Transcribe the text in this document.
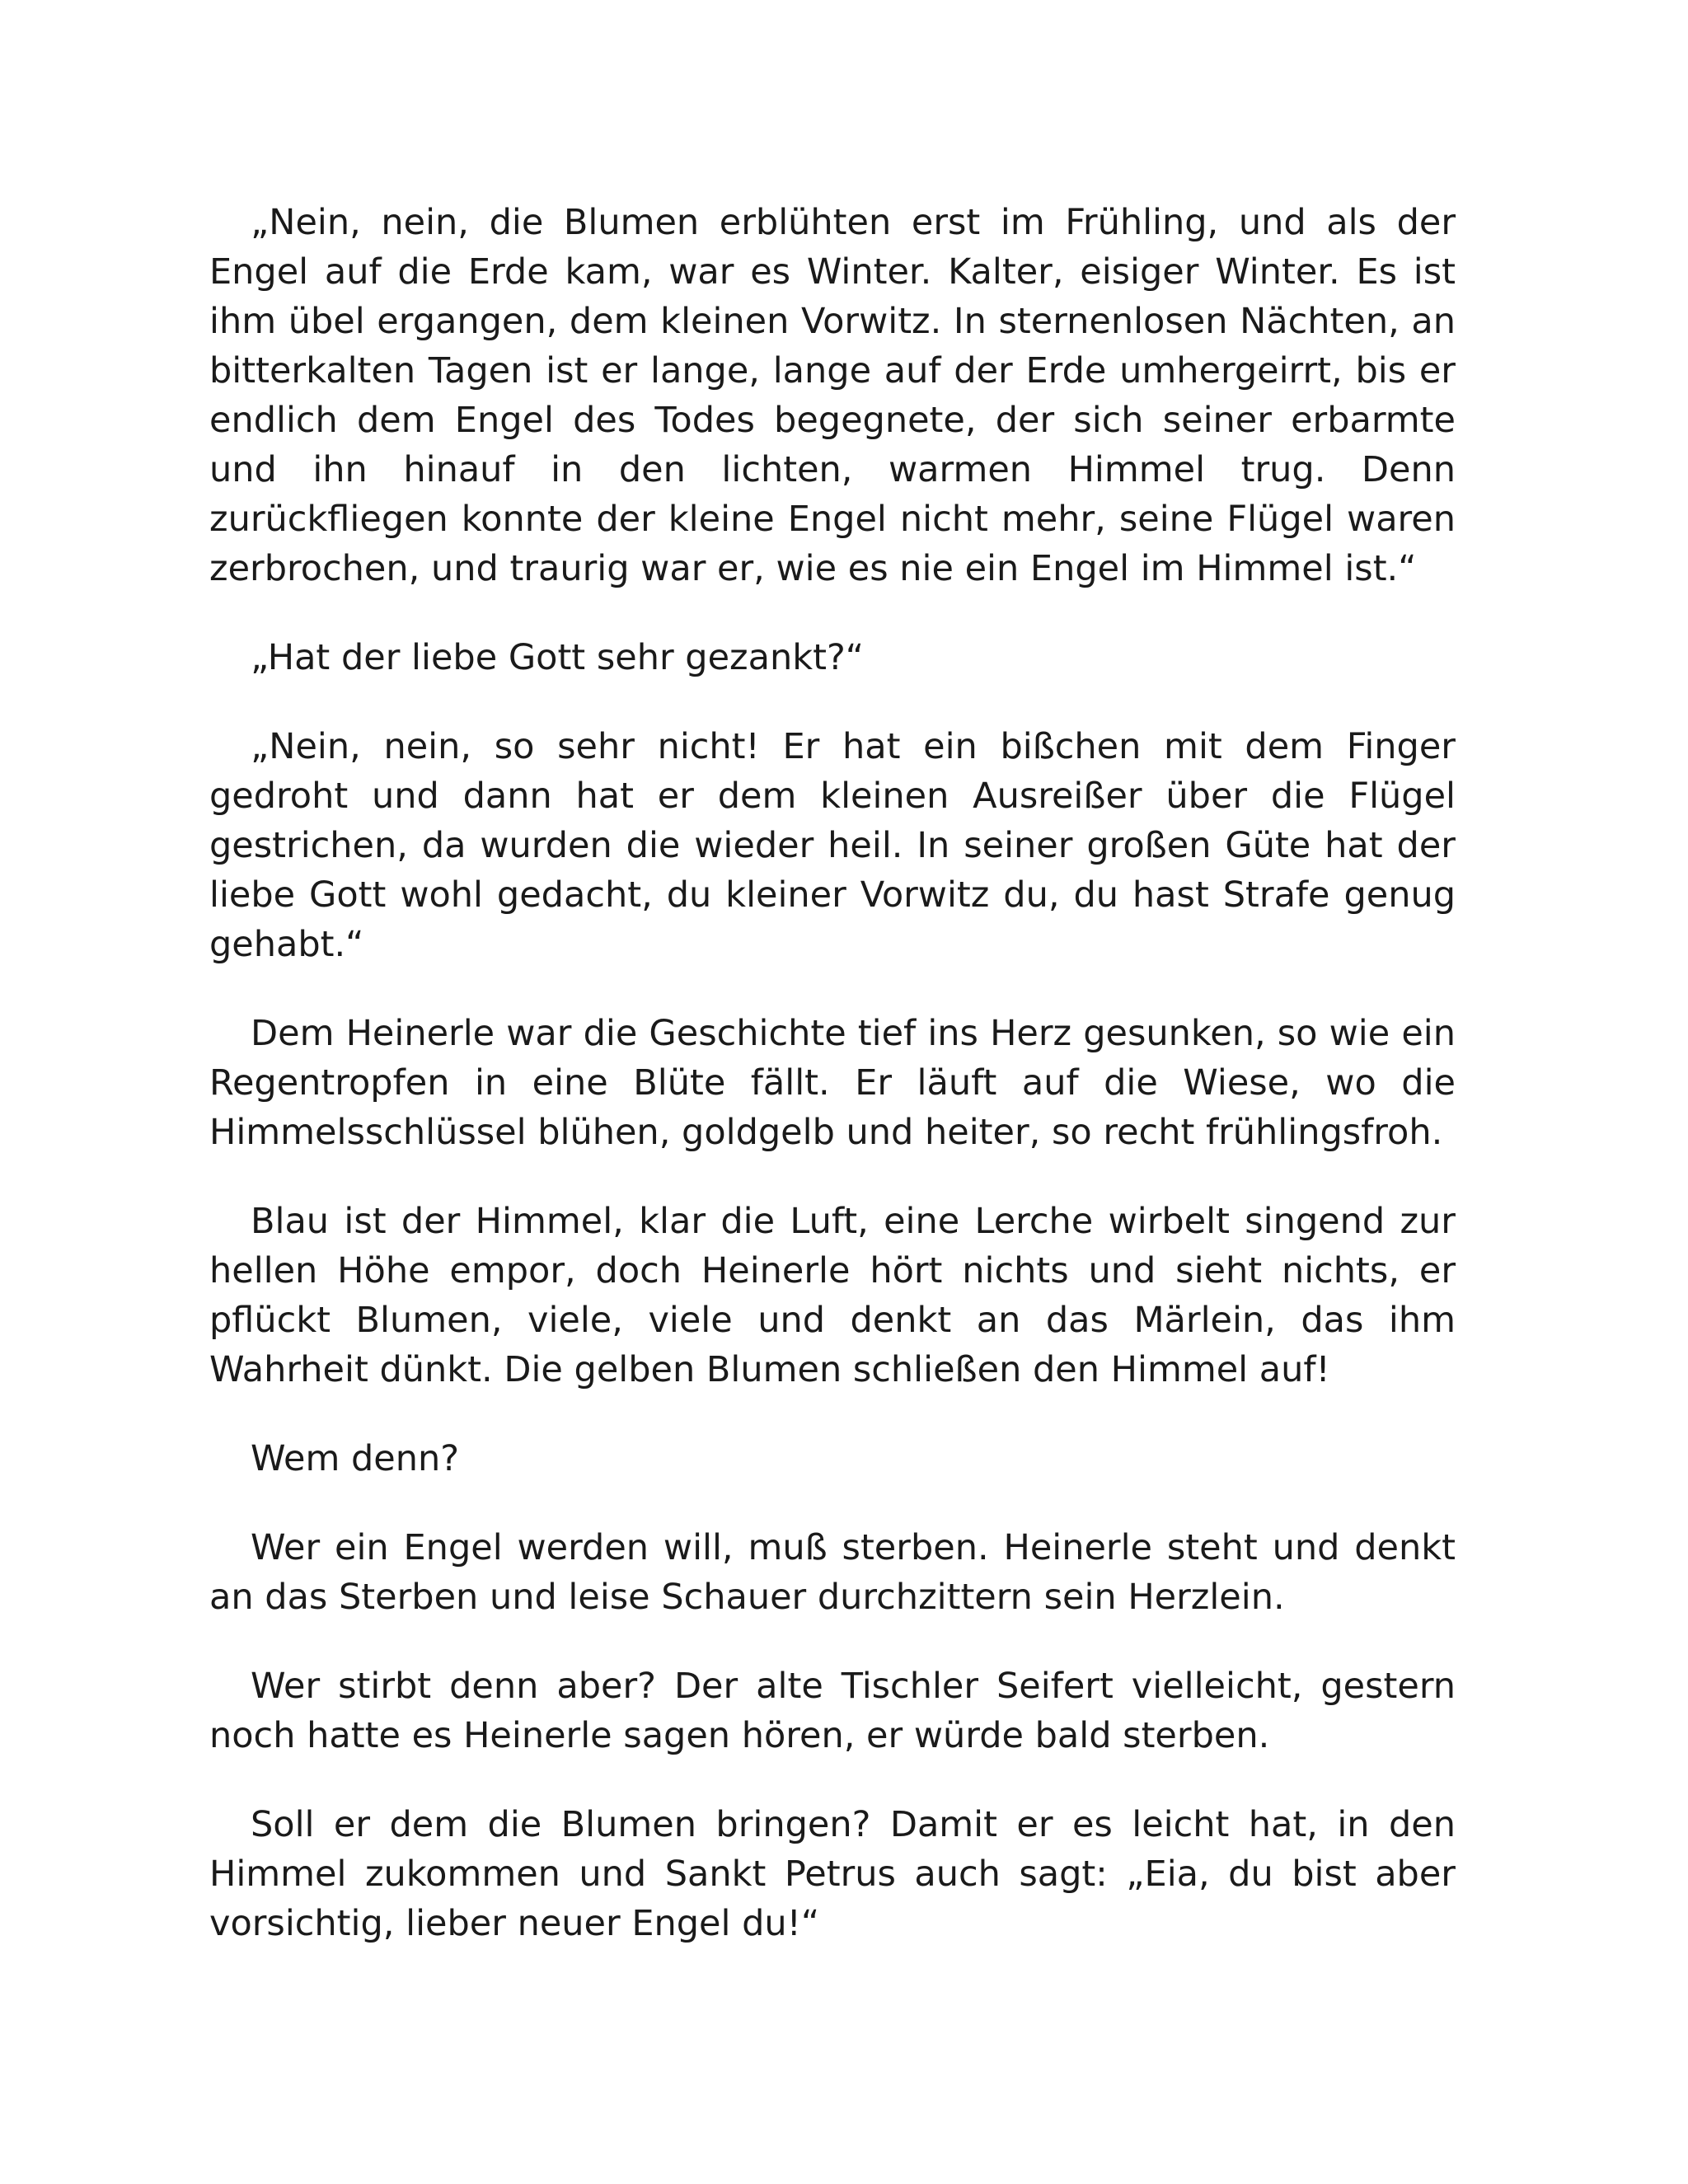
„Nein, nein, die Blumen erblühten erst im Frühling, und als der Engel auf die Erde kam, war es Winter. Kalter, eisiger Winter. Es ist ihm übel ergangen, dem kleinen Vorwitz. In sternenlosen Nächten, an bitterkalten Tagen ist er lange, lange auf der Erde umhergeirrt, bis er endlich dem Engel des Todes begegnete, der sich seiner erbarmte und ihn hinauf in den lichten, warmen Himmel trug. Denn zurückfliegen konnte der kleine Engel nicht mehr, seine Flügel waren zerbrochen, und traurig war er, wie es nie ein Engel im Himmel ist.“

„Hat der liebe Gott sehr gezankt?“

„Nein, nein, so sehr nicht! Er hat ein bißchen mit dem Finger gedroht und dann hat er dem kleinen Ausreißer über die Flügel gestrichen, da wurden die wieder heil. In seiner großen Güte hat der liebe Gott wohl gedacht, du kleiner Vorwitz du, du hast Strafe genug gehabt.“

Dem Heinerle war die Geschichte tief ins Herz gesunken, so wie ein Regentropfen in eine Blüte fällt. Er läuft auf die Wiese, wo die Himmelsschlüssel blühen, goldgelb und heiter, so recht frühlingsfroh.

Blau ist der Himmel, klar die Luft, eine Lerche wirbelt singend zur hellen Höhe empor, doch Heinerle hört nichts und sieht nichts, er pflückt Blumen, viele, viele und denkt an das Märlein, das ihm Wahrheit dünkt. Die gelben Blumen schließen den Himmel auf!

Wem denn?

Wer ein Engel werden will, muß sterben. Heinerle steht und denkt an das Sterben und leise Schauer durchzittern sein Herzlein.

Wer stirbt denn aber? Der alte Tischler Seifert vielleicht, gestern noch hatte es Heinerle sagen hören, er würde bald sterben.

Soll er dem die Blumen bringen? Damit er es leicht hat, in den Himmel zukommen und Sankt Petrus auch sagt: „Eia, du bist aber vorsichtig, lieber neuer Engel du!“
